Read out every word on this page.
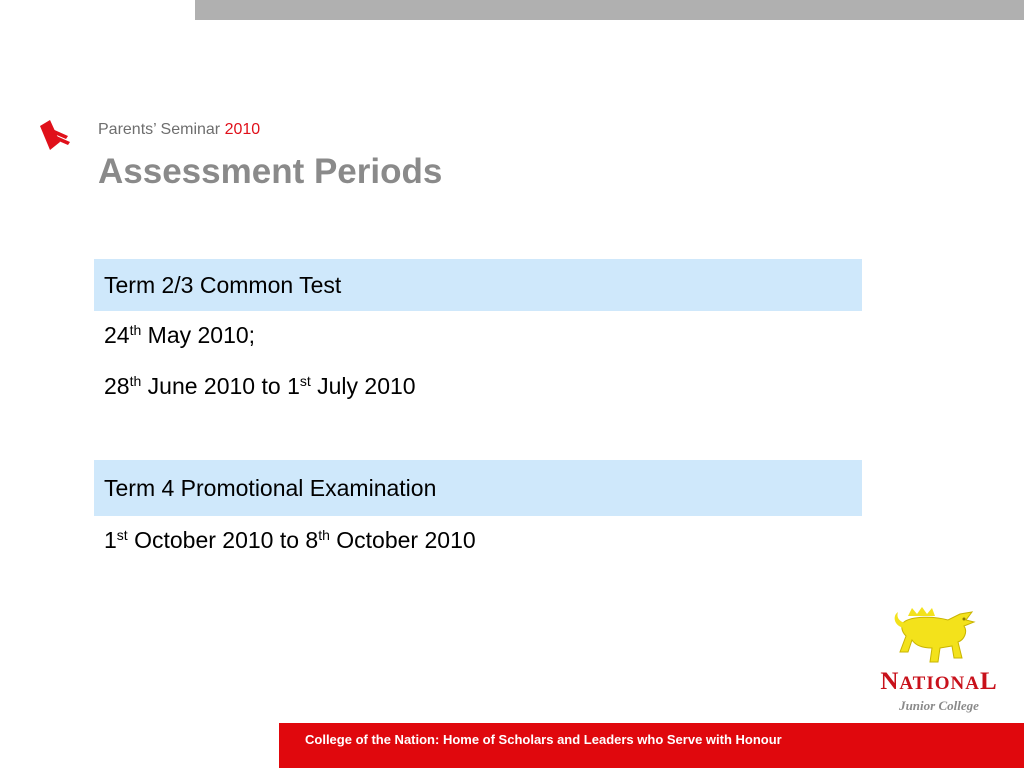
Parents’ Seminar 2010
Assessment Periods
Term 2/3 Common Test
24th May 2010;
28th June 2010 to 1st July 2010
Term 4 Promotional Examination
1st October 2010 to 8th October 2010
NATIONAL
Junior College
College of the Nation: Home of Scholars and Leaders who Serve with Honour
